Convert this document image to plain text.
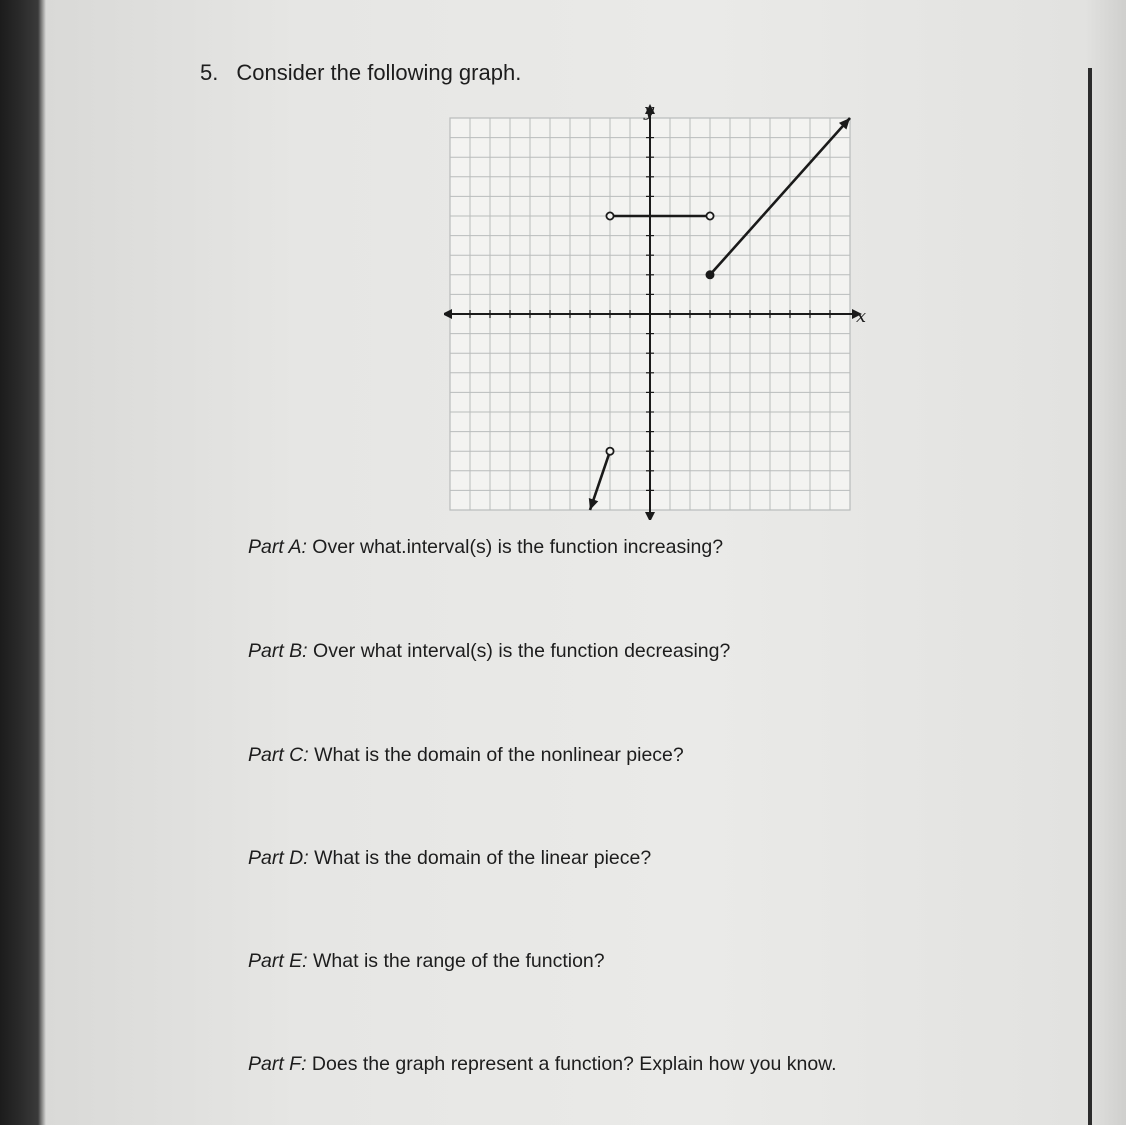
5. Consider the following graph.

x
y

Part A: Over what.interval(s) is the function increasing?

Part B: Over what interval(s) is the function decreasing?

Part C: What is the domain of the nonlinear piece?

Part D: What is the domain of the linear piece?

Part E: What is the range of the function?

Part F: Does the graph represent a function? Explain how you know.
